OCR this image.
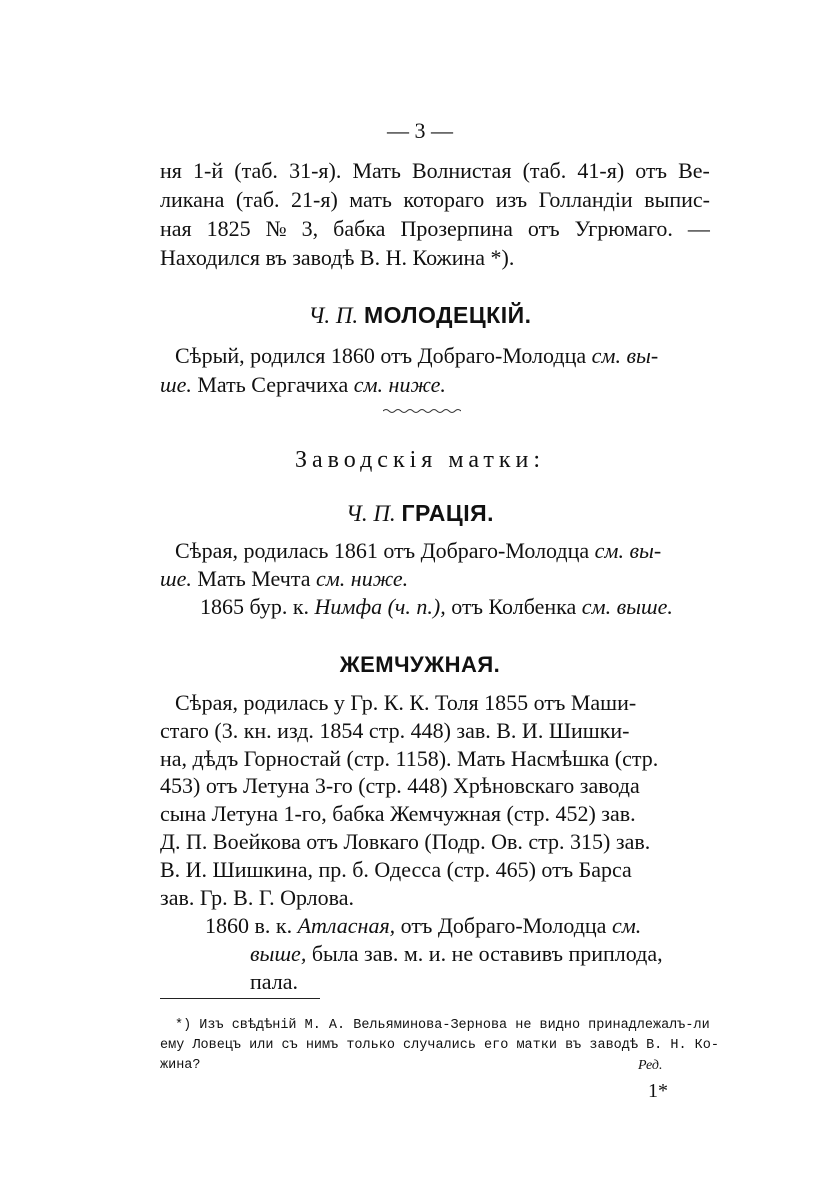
— 3 —
ня 1-й (таб. 31-я). Мать Волнистая (таб. 41-я) отъ Ве-
ликана (таб. 21-я) мать котораго изъ Голландіи выпис-
ная 1825 № 3, бабка Прозерпина отъ Угрюмаго. —
Находился въ заводѣ В. Н. Кожина *).
Ч. П. МОЛОДЕЦКІЙ.
Сѣрый, родился 1860 отъ Добраго-Молодца см. вы-
ше. Мать Сергачиха см. ниже.
Заводскія матки:
Ч. П. ГРАЦІЯ.
Сѣрая, родилась 1861 отъ Добраго-Молодца см. вы-
ше. Мать Мечта см. ниже.
1865 бур. к. Нимфа (ч. п.), отъ Колбенка см. выше.
ЖЕМЧУЖНАЯ.
Сѣрая, родилась у Гр. К. К. Толя 1855 отъ Маши-
стаго (3. кн. изд. 1854 стр. 448) зав. В. И. Шишки-
на, дѣдъ Горностай (стр. 1158). Мать Насмѣшка (стр.
453) отъ Летуна 3-го (стр. 448) Хрѣновскаго завода
сына Летуна 1-го, бабка Жемчужная (стр. 452) зав.
Д. П. Воейкова отъ Ловкаго (Подр. Ов. стр. 315) зав.
В. И. Шишкина, пр. б. Одесса (стр. 465) отъ Барса
зав. Гр. В. Г. Орлова.
1860 в. к. Атласная, отъ Добраго-Молодца см.
выше, была зав. м. и. не оставивъ приплода,
пала.
*) Изъ свѣдѣній М. А. Вельяминова-Зернова не видно принадлежалъ-ли
ему Ловецъ или съ нимъ только случались его матки въ заводѣ В. Н. Ко-
жина?	Ред.
1*
